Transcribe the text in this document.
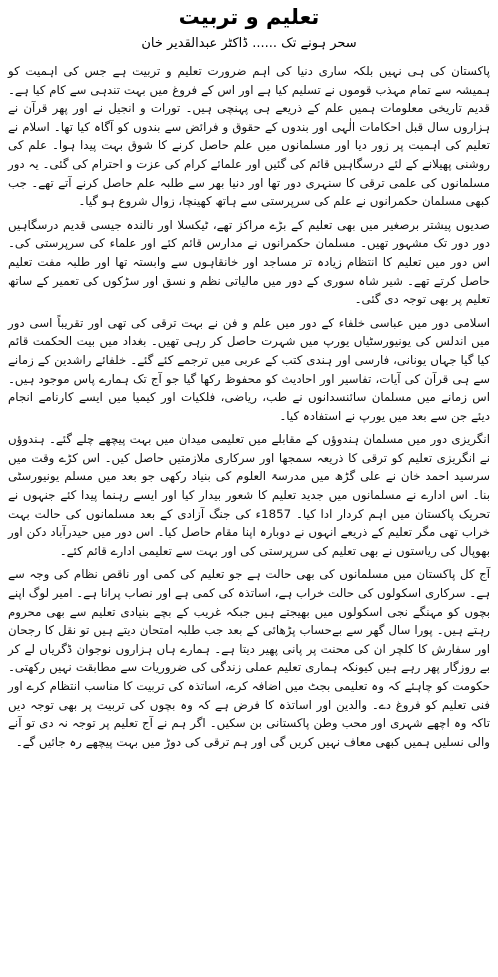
تعلیم و تربیت
سحر ہونے تک ...... ڈاکٹر عبدالقدیر خان

پاکستان کی ہی نہیں بلکہ ساری دنیا کی اہم ضرورت تعلیم و تربیت ہے جس کی اہمیت کو ہمیشہ سے تمام مہذب قوموں نے تسلیم کیا ہے اور اس کے فروغ میں بہت تندہی سے کام کیا ہے۔ قدیم تاریخی معلومات ہمیں علم کے ذریعے ہی پہنچی ہیں۔ تورات و انجیل نے اور پھر قرآن نے ہزاروں سال قبل احکامات الٰہی اور بندوں کے حقوق و فرائض سے بندوں کو آگاہ کیا تھا۔ اسلام نے تعلیم کی اہمیت پر زور دیا اور مسلمانوں میں علم حاصل کرنے کا شوق بہت پیدا ہوا۔ علم کی روشنی پھیلانے کے لئے درسگاہیں قائم کی گئیں اور علمائے کرام کی عزت و احترام کی گئی۔ یہ دور مسلمانوں کی علمی ترقی کا سنہری دور تھا اور دنیا بھر سے طلبہ علم حاصل کرنے آتے تھے۔ جب کبھی مسلمان حکمرانوں نے علم کی سرپرستی سے ہاتھ کھینچا، زوال شروع ہو گیا۔

صدیوں پیشتر برصغیر میں بھی تعلیم کے بڑے مراکز تھے، ٹیکسلا اور نالندہ جیسی قدیم درسگاہیں دور دور تک مشہور تھیں۔ مسلمان حکمرانوں نے مدارس قائم کئے اور علماء کی سرپرستی کی۔ اس دور میں تعلیم کا انتظام زیادہ تر مساجد اور خانقاہوں سے وابستہ تھا اور طلبہ مفت تعلیم حاصل کرتے تھے۔ شیر شاہ سوری کے دور میں مالیاتی نظم و نسق اور سڑکوں کی تعمیر کے ساتھ تعلیم پر بھی توجہ دی گئی۔

اسلامی دور میں عباسی خلفاء کے دور میں علم و فن نے بہت ترقی کی تھی اور تقریباً اسی دور میں اندلس کی یونیورسٹیاں یورپ میں شہرت حاصل کر رہی تھیں۔ بغداد میں بیت الحکمت قائم کیا گیا جہاں یونانی، فارسی اور ہندی کتب کے عربی میں ترجمے کئے گئے۔ خلفائے راشدین کے زمانے سے ہی قرآن کی آیات، تفاسیر اور احادیث کو محفوظ رکھا گیا جو آج تک ہمارے پاس موجود ہیں۔ اس زمانے میں مسلمان سائنسدانوں نے طب، ریاضی، فلکیات اور کیمیا میں ایسے کارنامے انجام دیئے جن سے بعد میں یورپ نے استفادہ کیا۔

انگریزی دور میں مسلمان ہندوؤں کے مقابلے میں تعلیمی میدان میں بہت پیچھے چلے گئے۔ ہندوؤں نے انگریزی تعلیم کو ترقی کا ذریعہ سمجھا اور سرکاری ملازمتیں حاصل کیں۔ اس کڑے وقت میں سرسید احمد خان نے علی گڑھ میں مدرسۃ العلوم کی بنیاد رکھی جو بعد میں مسلم یونیورسٹی بنا۔ اس ادارے نے مسلمانوں میں جدید تعلیم کا شعور بیدار کیا اور ایسے رہنما پیدا کئے جنہوں نے تحریک پاکستان میں اہم کردار ادا کیا۔ 1857ء کی جنگ آزادی کے بعد مسلمانوں کی حالت بہت خراب تھی مگر تعلیم کے ذریعے انہوں نے دوبارہ اپنا مقام حاصل کیا۔ اس دور میں حیدرآباد دکن اور بھوپال کی ریاستوں نے بھی تعلیم کی سرپرستی کی اور بہت سے تعلیمی ادارے قائم کئے۔

آج کل پاکستان میں مسلمانوں کی بھی حالت ہے جو تعلیم کی کمی اور ناقص نظام کی وجہ سے ہے۔ سرکاری اسکولوں کی حالت خراب ہے، اساتذہ کی کمی ہے اور نصاب پرانا ہے۔ امیر لوگ اپنے بچوں کو مہنگے نجی اسکولوں میں بھیجتے ہیں جبکہ غریب کے بچے بنیادی تعلیم سے بھی محروم رہتے ہیں۔ پورا سال گھر سے بےحساب پڑھائی کے بعد جب طلبہ امتحان دیتے ہیں تو نقل کا رجحان اور سفارش کا کلچر ان کی محنت پر پانی پھیر دیتا ہے۔ ہمارے ہاں ہزاروں نوجوان ڈگریاں لے کر بے روزگار پھر رہے ہیں کیونکہ ہماری تعلیم عملی زندگی کی ضروریات سے مطابقت نہیں رکھتی۔ حکومت کو چاہئے کہ وہ تعلیمی بجٹ میں اضافہ کرے، اساتذہ کی تربیت کا مناسب انتظام کرے اور فنی تعلیم کو فروغ دے۔ والدین اور اساتذہ کا فرض ہے کہ وہ بچوں کی تربیت پر بھی توجہ دیں تاکہ وہ اچھے شہری اور محب وطن پاکستانی بن سکیں۔ اگر ہم نے آج تعلیم پر توجہ نہ دی تو آنے والی نسلیں ہمیں کبھی معاف نہیں کریں گی اور ہم ترقی کی دوڑ میں بہت پیچھے رہ جائیں گے۔
